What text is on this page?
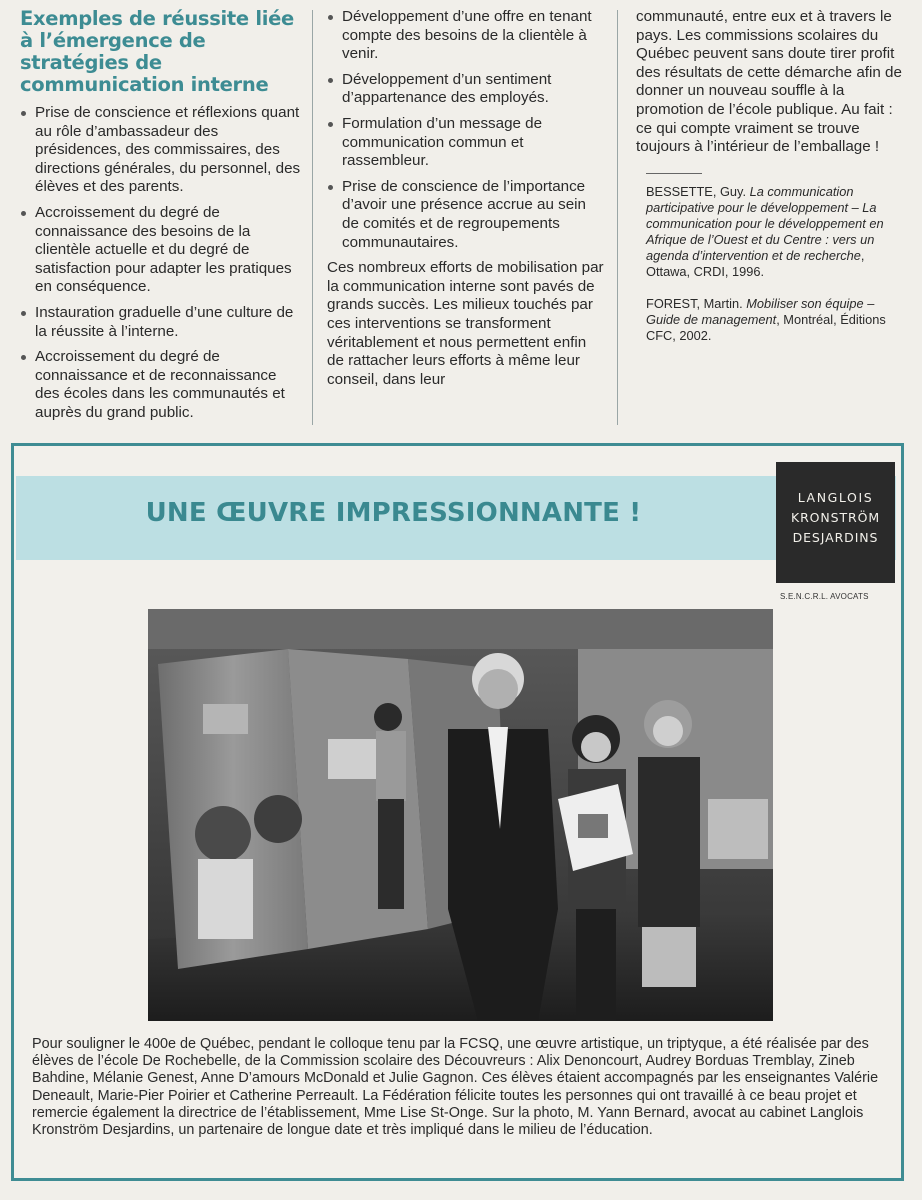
Exemples de réussite liée à l’émergence de stratégies de communication interne
Prise de conscience et réflexions quant au rôle d’ambassadeur des présidences, des commissaires, des directions générales, du personnel, des élèves et des parents.
Accroissement du degré de connaissance des besoins de la clientèle actuelle et du degré de satisfaction pour adapter les pratiques en conséquence.
Instauration graduelle d’une culture de la réussite à l’interne.
Accroissement du degré de connaissance et de reconnaissance des écoles dans les communautés et auprès du grand public.
Développement d’une offre en tenant compte des besoins de la clientèle à venir.
Développement d’un sentiment d’appartenance des employés.
Formulation d’un message de communication commun et rassembleur.
Prise de conscience de l’importance d’avoir une présence accrue au sein de comités et de regroupements communautaires.

Ces nombreux efforts de mobilisation par la communication interne sont pavés de grands succès. Les milieux touchés par ces interventions se transforment véritablement et nous permettent enfin de rattacher leurs efforts à même leur conseil, dans leur

communauté, entre eux et à travers le pays. Les commissions scolaires du Québec peuvent sans doute tirer profit des résultats de cette démarche afin de donner un nouveau souffle à la promotion de l’école publique. Au fait : ce qui compte vraiment se trouve toujours à l’intérieur de l’emballage !

BESSETTE, Guy. La communication participative pour le développement – La communication pour le développement en Afrique de l’Ouest et du Centre : vers un agenda d’intervention et de recherche, Ottawa, CRDI, 1996.

FOREST, Martin. Mobiliser son équipe – Guide de management, Montréal, Éditions CFC, 2002.

UNE ŒUVRE IMPRESSIONNANTE !
LANGLOIS
KRONSTRÖM
DESJARDINS
S.E.N.C.R.L. AVOCATS

Pour souligner le 400e de Québec, pendant le colloque tenu par la FCSQ, une œuvre artistique, un triptyque, a été réalisée par des élèves de l’école De Rochebelle, de la Commission scolaire des Découvreurs : Alix Denoncourt, Audrey Borduas Tremblay, Zineb Bahdine, Mélanie Genest, Anne D’amours McDonald et Julie Gagnon. Ces élèves étaient accompagnés par les enseignantes Valérie Deneault, Marie-Pier Poirier et Catherine Perreault. La Fédération félicite toutes les personnes qui ont travaillé à ce beau projet et remercie également la directrice de l’établissement, Mme Lise St-Onge. Sur la photo, M. Yann Bernard, avocat au cabinet Langlois Kronström Desjardins, un partenaire de longue date et très impliqué dans le milieu de l’éducation.
